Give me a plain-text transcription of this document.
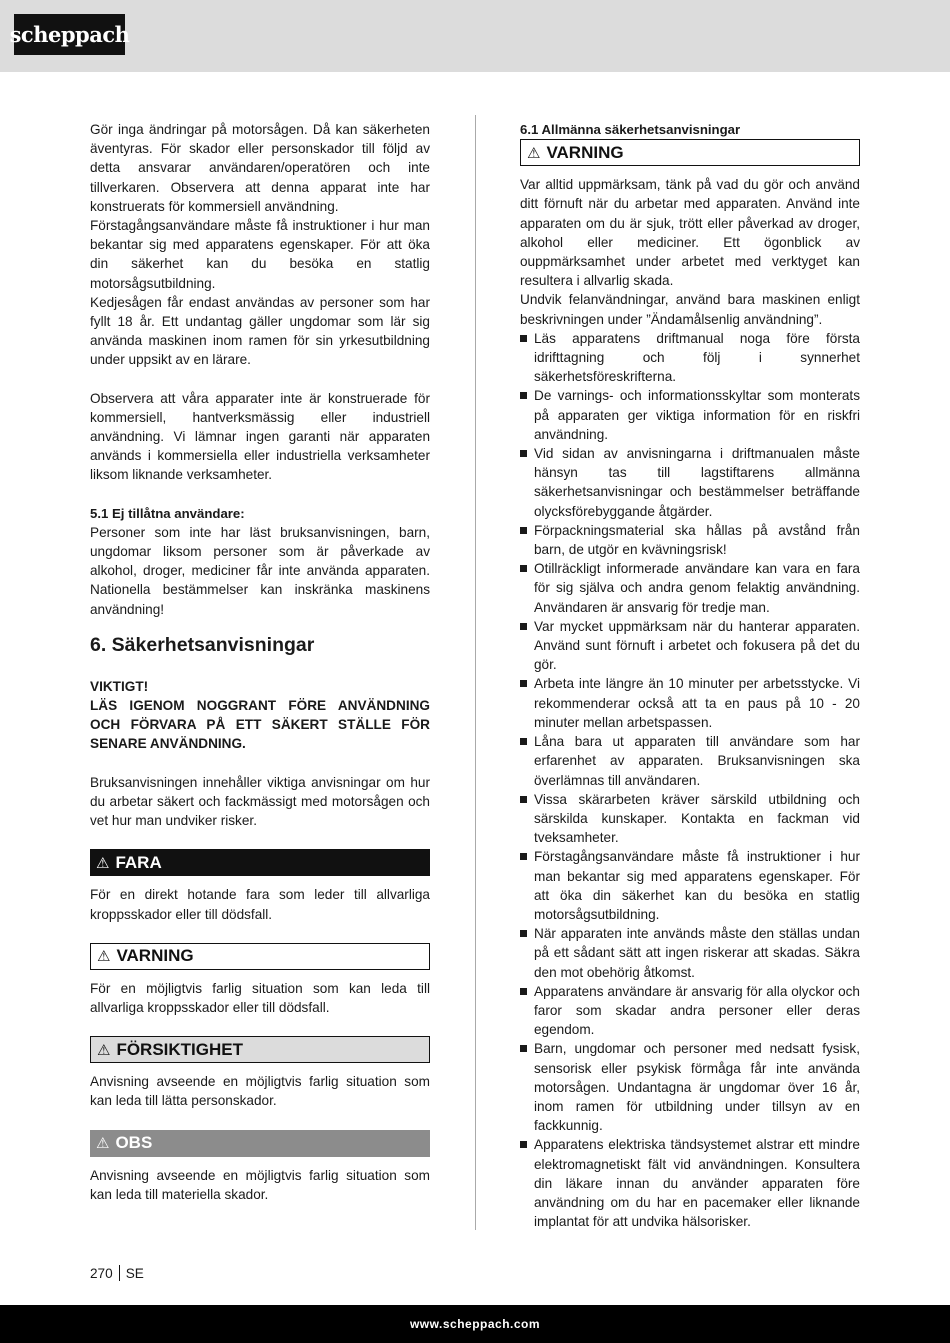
scheppach

Gör inga ändringar på motorsågen. Då kan säkerheten äventyras. För skador eller personskador till följd av detta ansvarar användaren/operatören och inte tillverkaren. Observera att denna apparat inte har konstruerats för kommersiell användning.

Förstagångsanvändare måste få instruktioner i hur man bekantar sig med apparatens egenskaper. För att öka din säkerhet kan du besöka en statlig motorsågsutbildning.

Kedjesågen får endast användas av personer som har fyllt 18 år. Ett undantag gäller ungdomar som lär sig använda maskinen inom ramen för sin yrkesutbildning under uppsikt av en lärare.

Observera att våra apparater inte är konstruerade för kommersiell, hantverksmässig eller industriell användning. Vi lämnar ingen garanti när apparaten används i kommersiella eller industriella verksamheter liksom liknande verksamheter.

5.1 Ej tillåtna användare:

Personer som inte har läst bruksanvisningen, barn, ungdomar liksom personer som är påverkade av alkohol, droger, mediciner får inte använda apparaten. Nationella bestämmelser kan inskränka maskinens användning!

6. Säkerhetsanvisningar

VIKTIGT!

LÄS IGENOM NOGGRANT FÖRE ANVÄNDNING OCH FÖRVARA PÅ ETT SÄKERT STÄLLE FÖR SENARE ANVÄNDNING.

Bruksanvisningen innehåller viktiga anvisningar om hur du arbetar säkert och fackmässigt med motorsågen och vet hur man undviker risker.

⚠ FARA

För en direkt hotande fara som leder till allvarliga kroppsskador eller till dödsfall.

⚠ VARNING

För en möjligtvis farlig situation som kan leda till allvarliga kroppsskador eller till dödsfall.

⚠ FÖRSIKTIGHET

Anvisning avseende en möjligtvis farlig situation som kan leda till lätta personskador.

⚠ OBS

Anvisning avseende en möjligtvis farlig situation som kan leda till materiella skador.

6.1 Allmänna säkerhetsanvisningar

⚠ VARNING

Var alltid uppmärksam, tänk på vad du gör och använd ditt förnuft när du arbetar med apparaten. Använd inte apparaten om du är sjuk, trött eller påverkad av droger, alkohol eller mediciner. Ett ögonblick av ouppmärksamhet under arbetet med verktyget kan resultera i allvarlig skada.

Undvik felanvändningar, använd bara maskinen enligt beskrivningen under ”Ändamålsenlig användning”.

Läs apparatens driftmanual noga före första idrifttagning och följ i synnerhet säkerhetsföreskrifterna.
De varnings- och informationsskyltar som monterats på apparaten ger viktiga information för en riskfri användning.
Vid sidan av anvisningarna i driftmanualen måste hänsyn tas till lagstiftarens allmänna säkerhetsanvisningar och bestämmelser beträffande olycksförebyggande åtgärder.
Förpackningsmaterial ska hållas på avstånd från barn, de utgör en kvävningsrisk!
Otillräckligt informerade användare kan vara en fara för sig själva och andra genom felaktig användning. Användaren är ansvarig för tredje man.
Var mycket uppmärksam när du hanterar apparaten. Använd sunt förnuft i arbetet och fokusera på det du gör.
Arbeta inte längre än 10 minuter per arbetsstycke. Vi rekommenderar också att ta en paus på 10 - 20 minuter mellan arbetspassen.
Låna bara ut apparaten till användare som har erfarenhet av apparaten. Bruksanvisningen ska överlämnas till användaren.
Vissa skärarbeten kräver särskild utbildning och särskilda kunskaper. Kontakta en fackman vid tveksamheter.
Förstagångsanvändare måste få instruktioner i hur man bekantar sig med apparatens egenskaper. För att öka din säkerhet kan du besöka en statlig motorsågsutbildning.
När apparaten inte används måste den ställas undan på ett sådant sätt att ingen riskerar att skadas. Säkra den mot obehörig åtkomst.
Apparatens användare är ansvarig för alla olyckor och faror som skadar andra personer eller deras egendom.
Barn, ungdomar och personer med nedsatt fysisk, sensorisk eller psykisk förmåga får inte använda motorsågen. Undantagna är ungdomar över 16 år, inom ramen för utbildning under tillsyn av en fackkunnig.
Apparatens elektriska tändsystemet alstrar ett mindre elektromagnetiskt fält vid användningen. Konsultera din läkare innan du använder apparaten före användning om du har en pacemaker eller liknande implantat för att undvika hälsorisker.
270 SE
www.scheppach.com
